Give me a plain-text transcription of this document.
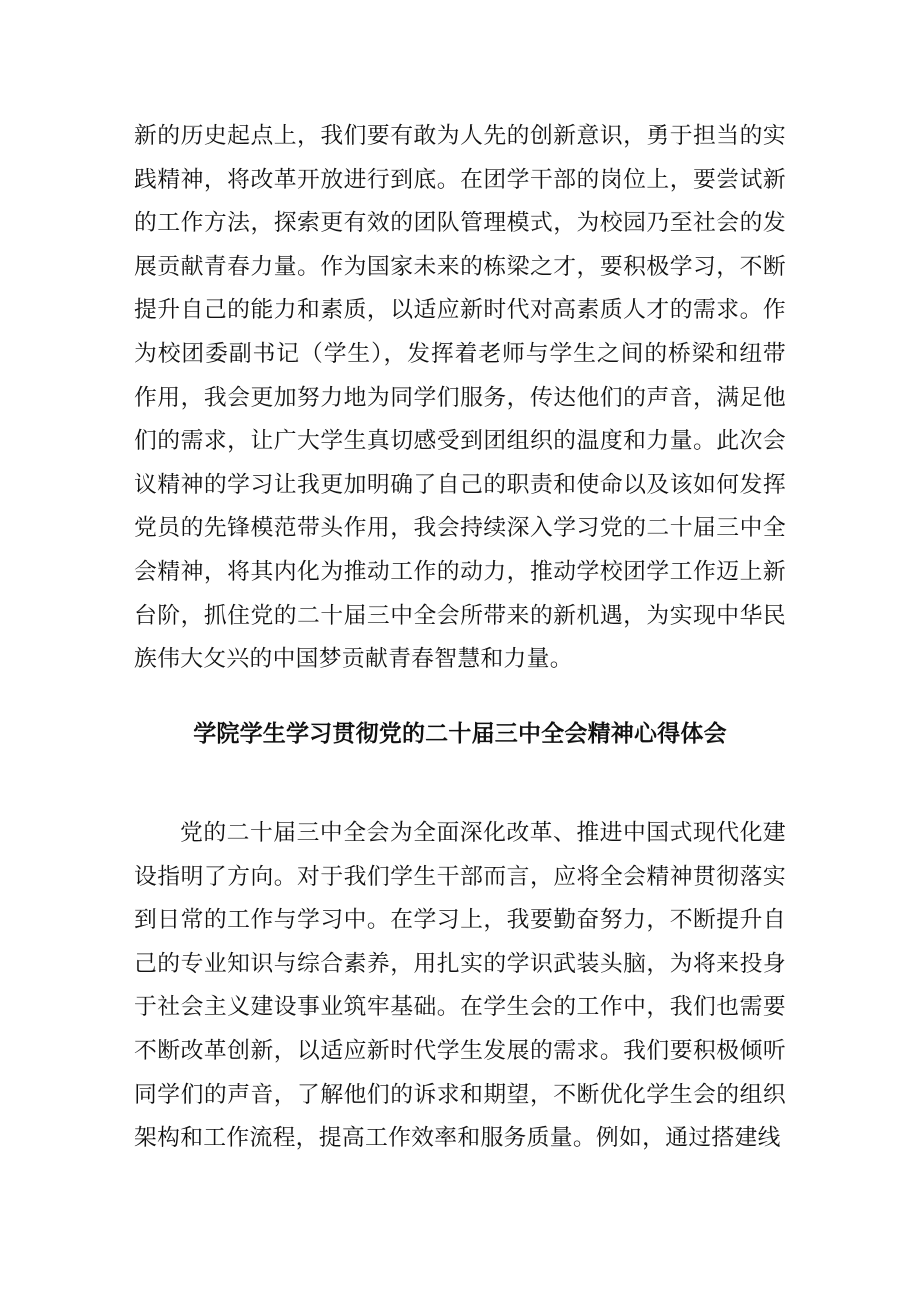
新的历史起点上，我们要有敢为人先的创新意识，勇于担当的实践精神，将改革开放进行到底。在团学干部的岗位上，要尝试新的工作方法，探索更有效的团队管理模式，为校园乃至社会的发展贡献青春力量。作为国家未来的栋梁之才，要积极学习，不断提升自己的能力和素质，以适应新时代对高素质人才的需求。作为校团委副书记（学生），发挥着老师与学生之间的桥梁和纽带作用，我会更加努力地为同学们服务，传达他们的声音，满足他们的需求，让广大学生真切感受到团组织的温度和力量。此次会议精神的学习让我更加明确了自己的职责和使命以及该如何发挥党员的先锋模范带头作用，我会持续深入学习党的二十届三中全会精神，将其内化为推动工作的动力，推动学校团学工作迈上新台阶，抓住党的二十届三中全会所带来的新机遇，为实现中华民族伟大攵兴的中国梦贡献青春智慧和力量。

学院学生学习贯彻党的二十届三中全会精神心得体会

党的二十届三中全会为全面深化改革、推进中国式现代化建设指明了方向。对于我们学生干部而言，应将全会精神贯彻落实到日常的工作与学习中。在学习上，我要勤奋努力，不断提升自己的专业知识与综合素养，用扎实的学识武装头脑，为将来投身于社会主义建设事业筑牢基础。在学生会的工作中，我们也需要不断改革创新，以适应新时代学生发展的需求。我们要积极倾听同学们的声音，了解他们的诉求和期望，不断优化学生会的组织架构和工作流程，提高工作效率和服务质量。例如，通过搭建线
